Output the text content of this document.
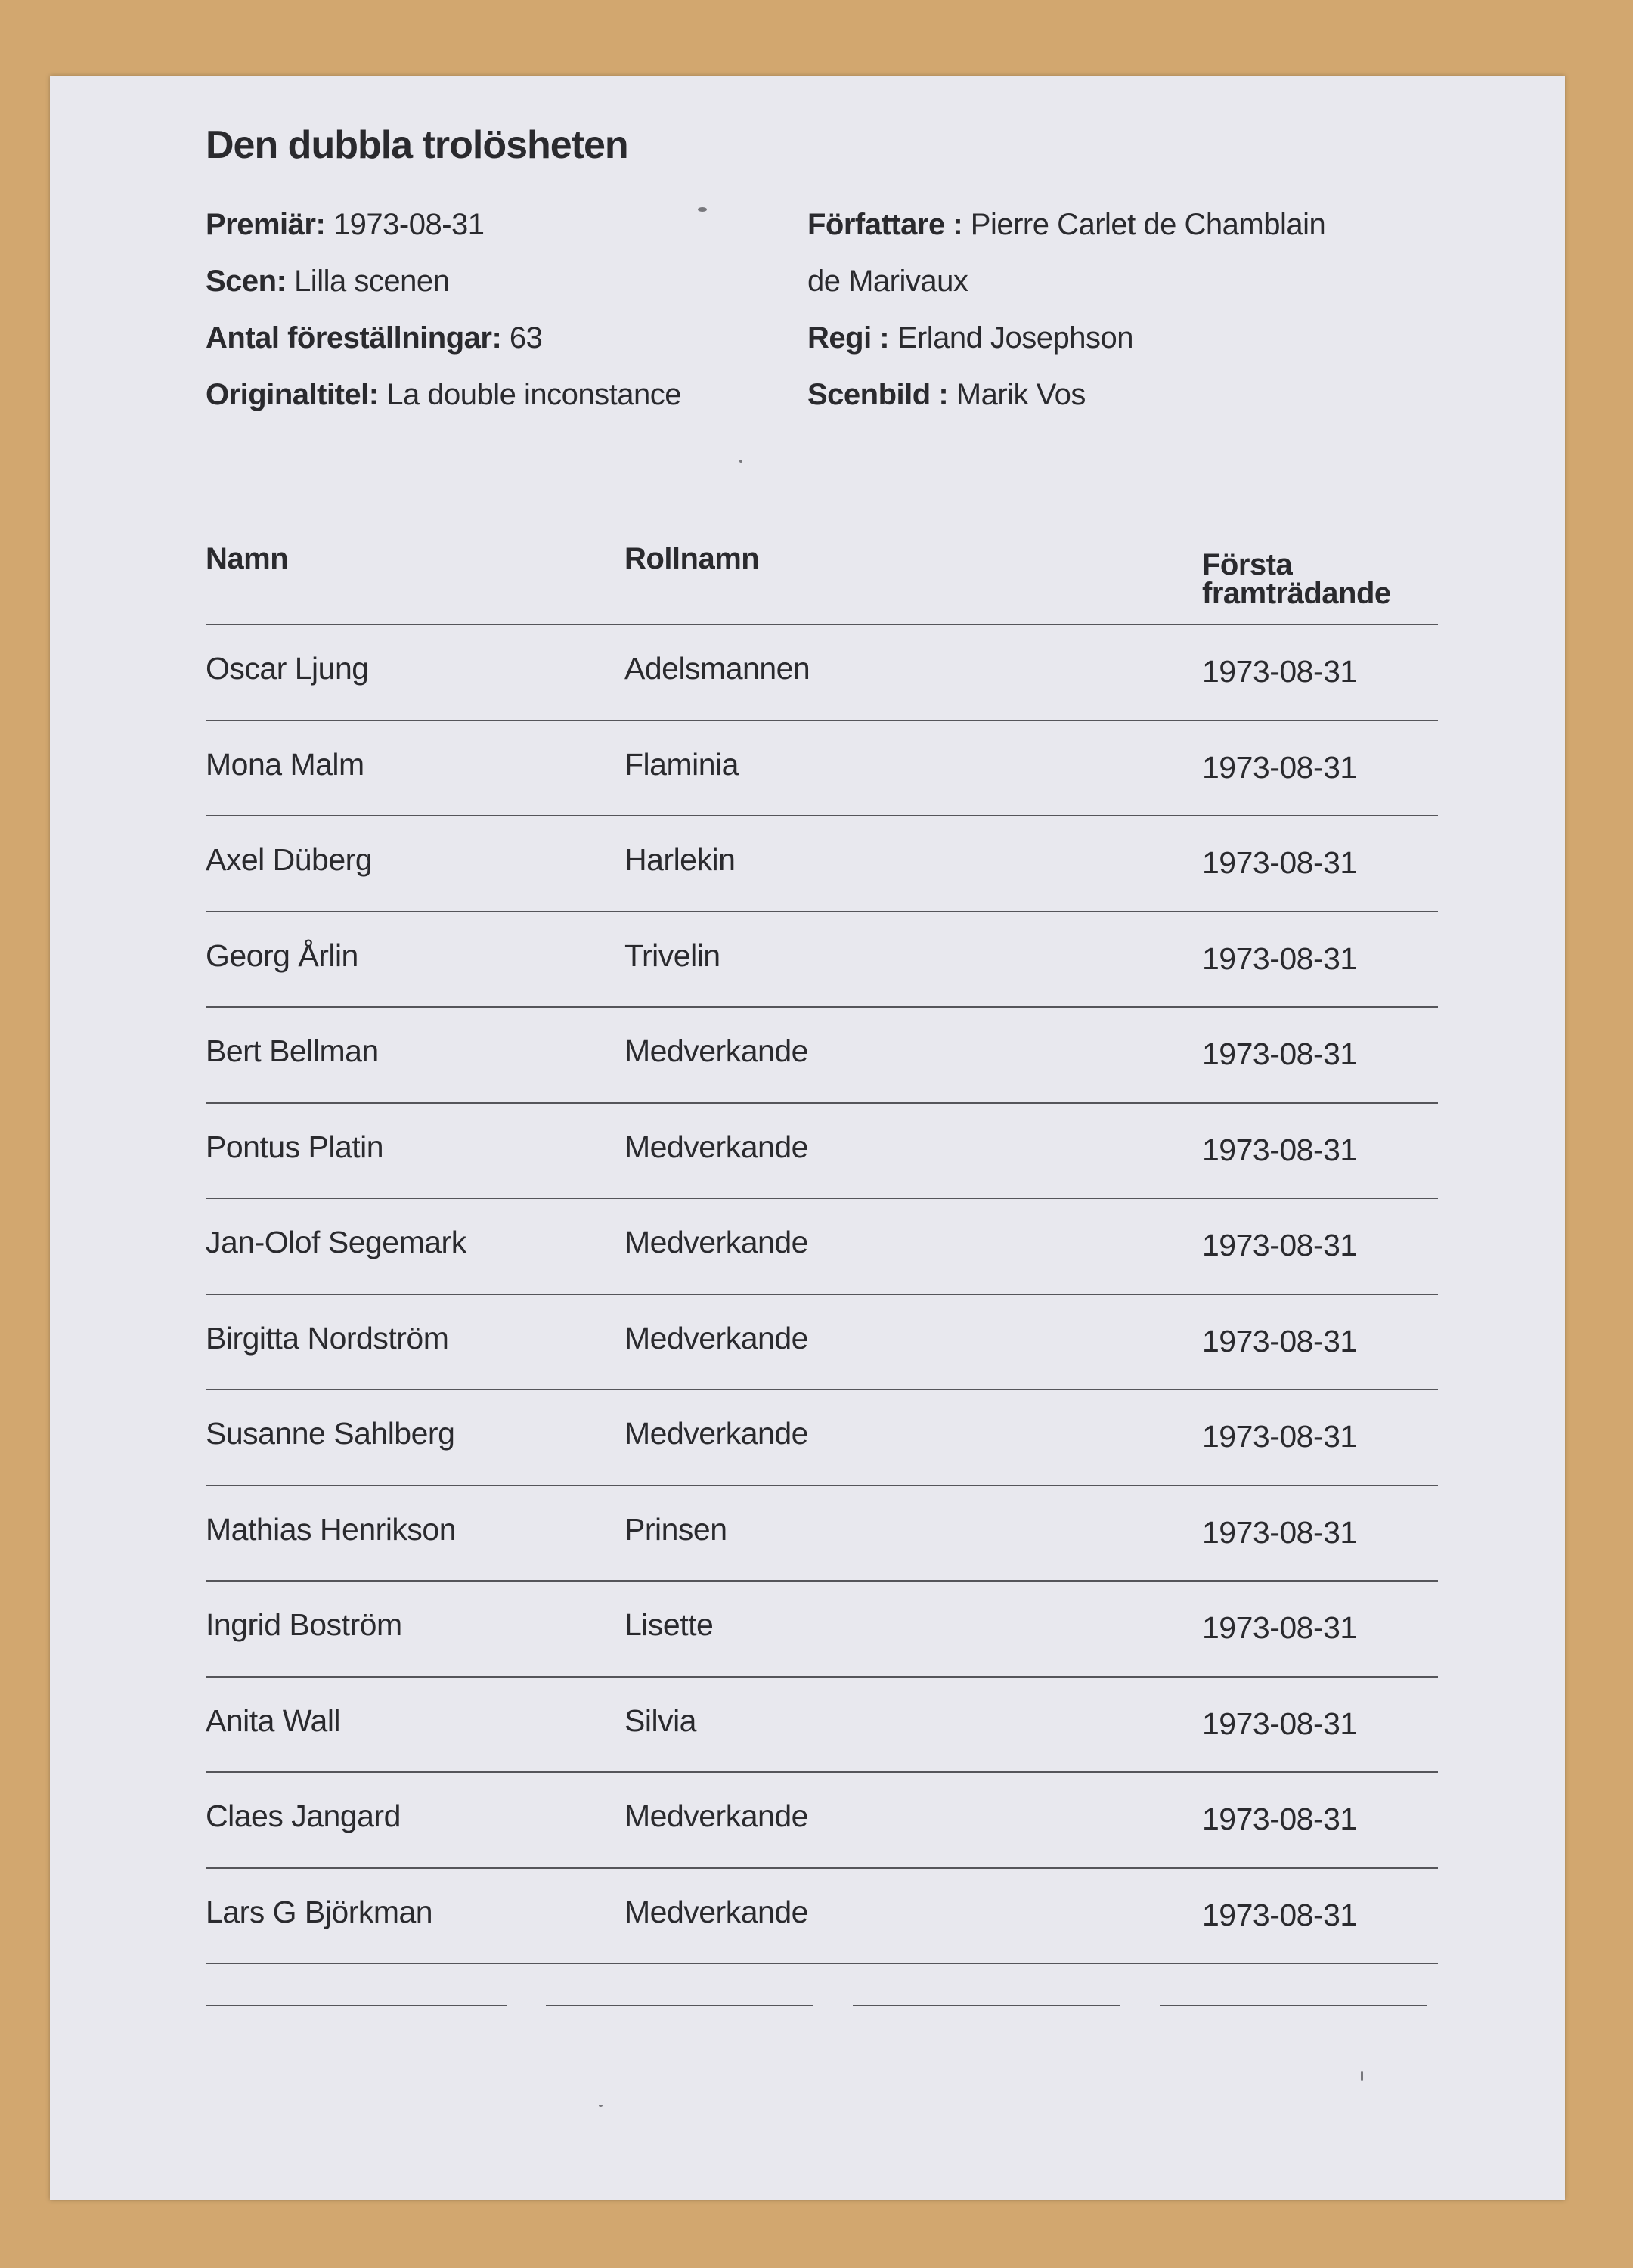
Den dubbla trolösheten
Premiär: 1973-08-31
Scen: Lilla scenen
Antal föreställningar: 63
Originaltitel: La double inconstance
Författare : Pierre Carlet de Chamblain
de Marivaux
Regi : Erland Josephson
Scenbild : Marik Vos
Namn	Rollnamn	Första
framträdande
Oscar Ljung	Adelsmannen	1973-08-31
Mona Malm	Flaminia	1973-08-31
Axel Düberg	Harlekin	1973-08-31
Georg Årlin	Trivelin	1973-08-31
Bert Bellman	Medverkande	1973-08-31
Pontus Platin	Medverkande	1973-08-31
Jan-Olof Segemark	Medverkande	1973-08-31
Birgitta Nordström	Medverkande	1973-08-31
Susanne Sahlberg	Medverkande	1973-08-31
Mathias Henrikson	Prinsen	1973-08-31
Ingrid Boström	Lisette	1973-08-31
Anita Wall	Silvia	1973-08-31
Claes Jangard	Medverkande	1973-08-31
Lars G Björkman	Medverkande	1973-08-31
